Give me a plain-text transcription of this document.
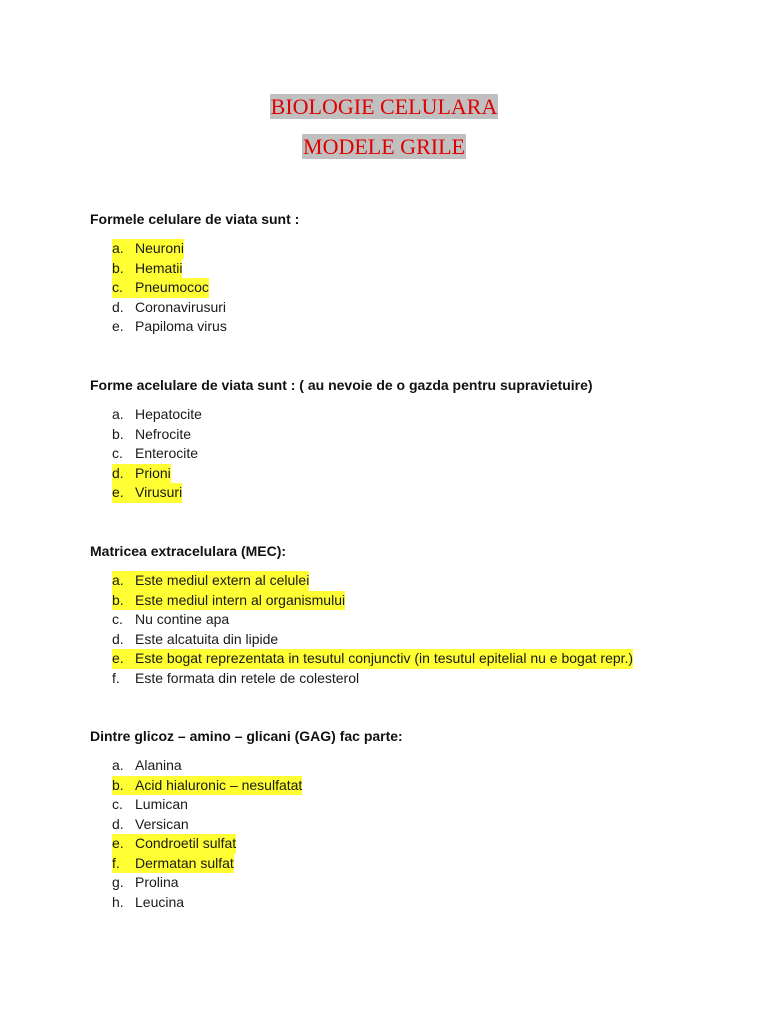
BIOLOGIE CELULARA
MODELE GRILE
Formele celulare de viata sunt :
a. Neuroni
b. Hematii
c. Pneumococ
d. Coronavirusuri
e. Papiloma virus
Forme acelulare de viata sunt : ( au nevoie de o gazda pentru supravietuire)
a. Hepatocite
b. Nefrocite
c. Enterocite
d. Prioni
e. Virusuri
Matricea extracelulara (MEC):
a. Este mediul extern al celulei
b. Este mediul intern al organismului
c. Nu contine apa
d. Este alcatuita din lipide
e. Este bogat reprezentata in tesutul conjunctiv (in tesutul epitelial nu e bogat repr.)
f.	Este formata din retele de colesterol
Dintre glicoz – amino – glicani (GAG) fac parte:
a. Alanina
b. Acid hialuronic – nesulfatat
c. Lumican
d. Versican
e. Condroetil sulfat
f.	Dermatan sulfat
g. Prolina
h. Leucina
